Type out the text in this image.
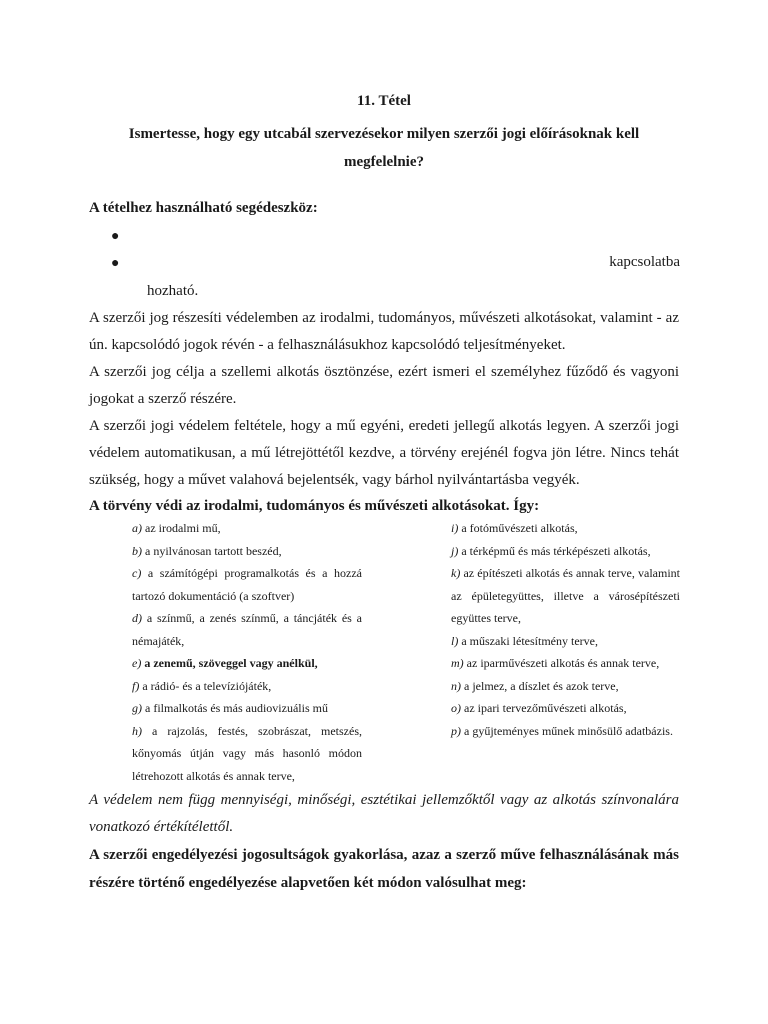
11. Tétel
Ismertesse, hogy egy utcabál szervezésekor milyen szerzői jogi előírásoknak kell megfelelnie?
A tételhez használható segédeszköz:
●
●	kapcsolatba
hozható.
A szerzői jog részesíti védelemben az irodalmi, tudományos, művészeti alkotásokat, valamint - az ún. kapcsolódó jogok révén - a felhasználásukhoz kapcsolódó teljesítményeket.
A szerzői jog célja a szellemi alkotás ösztönzése, ezért ismeri el személyhez fűződő és vagyoni jogokat a szerző részére.
A szerzői jogi védelem feltétele, hogy a mű egyéni, eredeti jellegű alkotás legyen. A szerzői jogi védelem automatikusan, a mű létrejöttétől kezdve, a törvény erejénél fogva jön létre. Nincs tehát szükség, hogy a művet valahová bejelentsék, vagy bárhol nyilvántartásba vegyék.
A törvény védi az irodalmi, tudományos és művészeti alkotásokat. Így:

a) az irodalmi mű,

b) a nyilvánosan tartott beszéd,

c) a számítógépi programalkotás és a hozzá tartozó dokumentáció (a szoftver)

d) a színmű, a zenés színmű, a táncjáték és a némajáték,

e) a zenemű, szöveggel vagy anélkül,

f) a rádió- és a televíziójáték,

g) a filmalkotás és más audiovizuális mű

h) a rajzolás, festés, szobrászat, metszés, kőnyomás útján vagy más hasonló módon létrehozott alkotás és annak terve,

i) a fotóművészeti alkotás,

j) a térképmű és más térképészeti alkotás,

k) az építészeti alkotás és annak terve, valamint az épületegyüttes, illetve a városépítészeti együttes terve,

l) a műszaki létesítmény terve,

m) az iparművészeti alkotás és annak terve,

n) a jelmez, a díszlet és azok terve,

o) az ipari tervezőművészeti alkotás,

p) a gyűjteményes műnek minősülő adatbázis.

A védelem nem függ mennyiségi, minőségi, esztétikai jellemzőktől vagy az alkotás színvonalára vonatkozó értékítélettől.
A szerzői engedélyezési jogosultságok gyakorlása, azaz a szerző műve felhasználásának más részére történő engedélyezése alapvetően két módon valósulhat meg:
